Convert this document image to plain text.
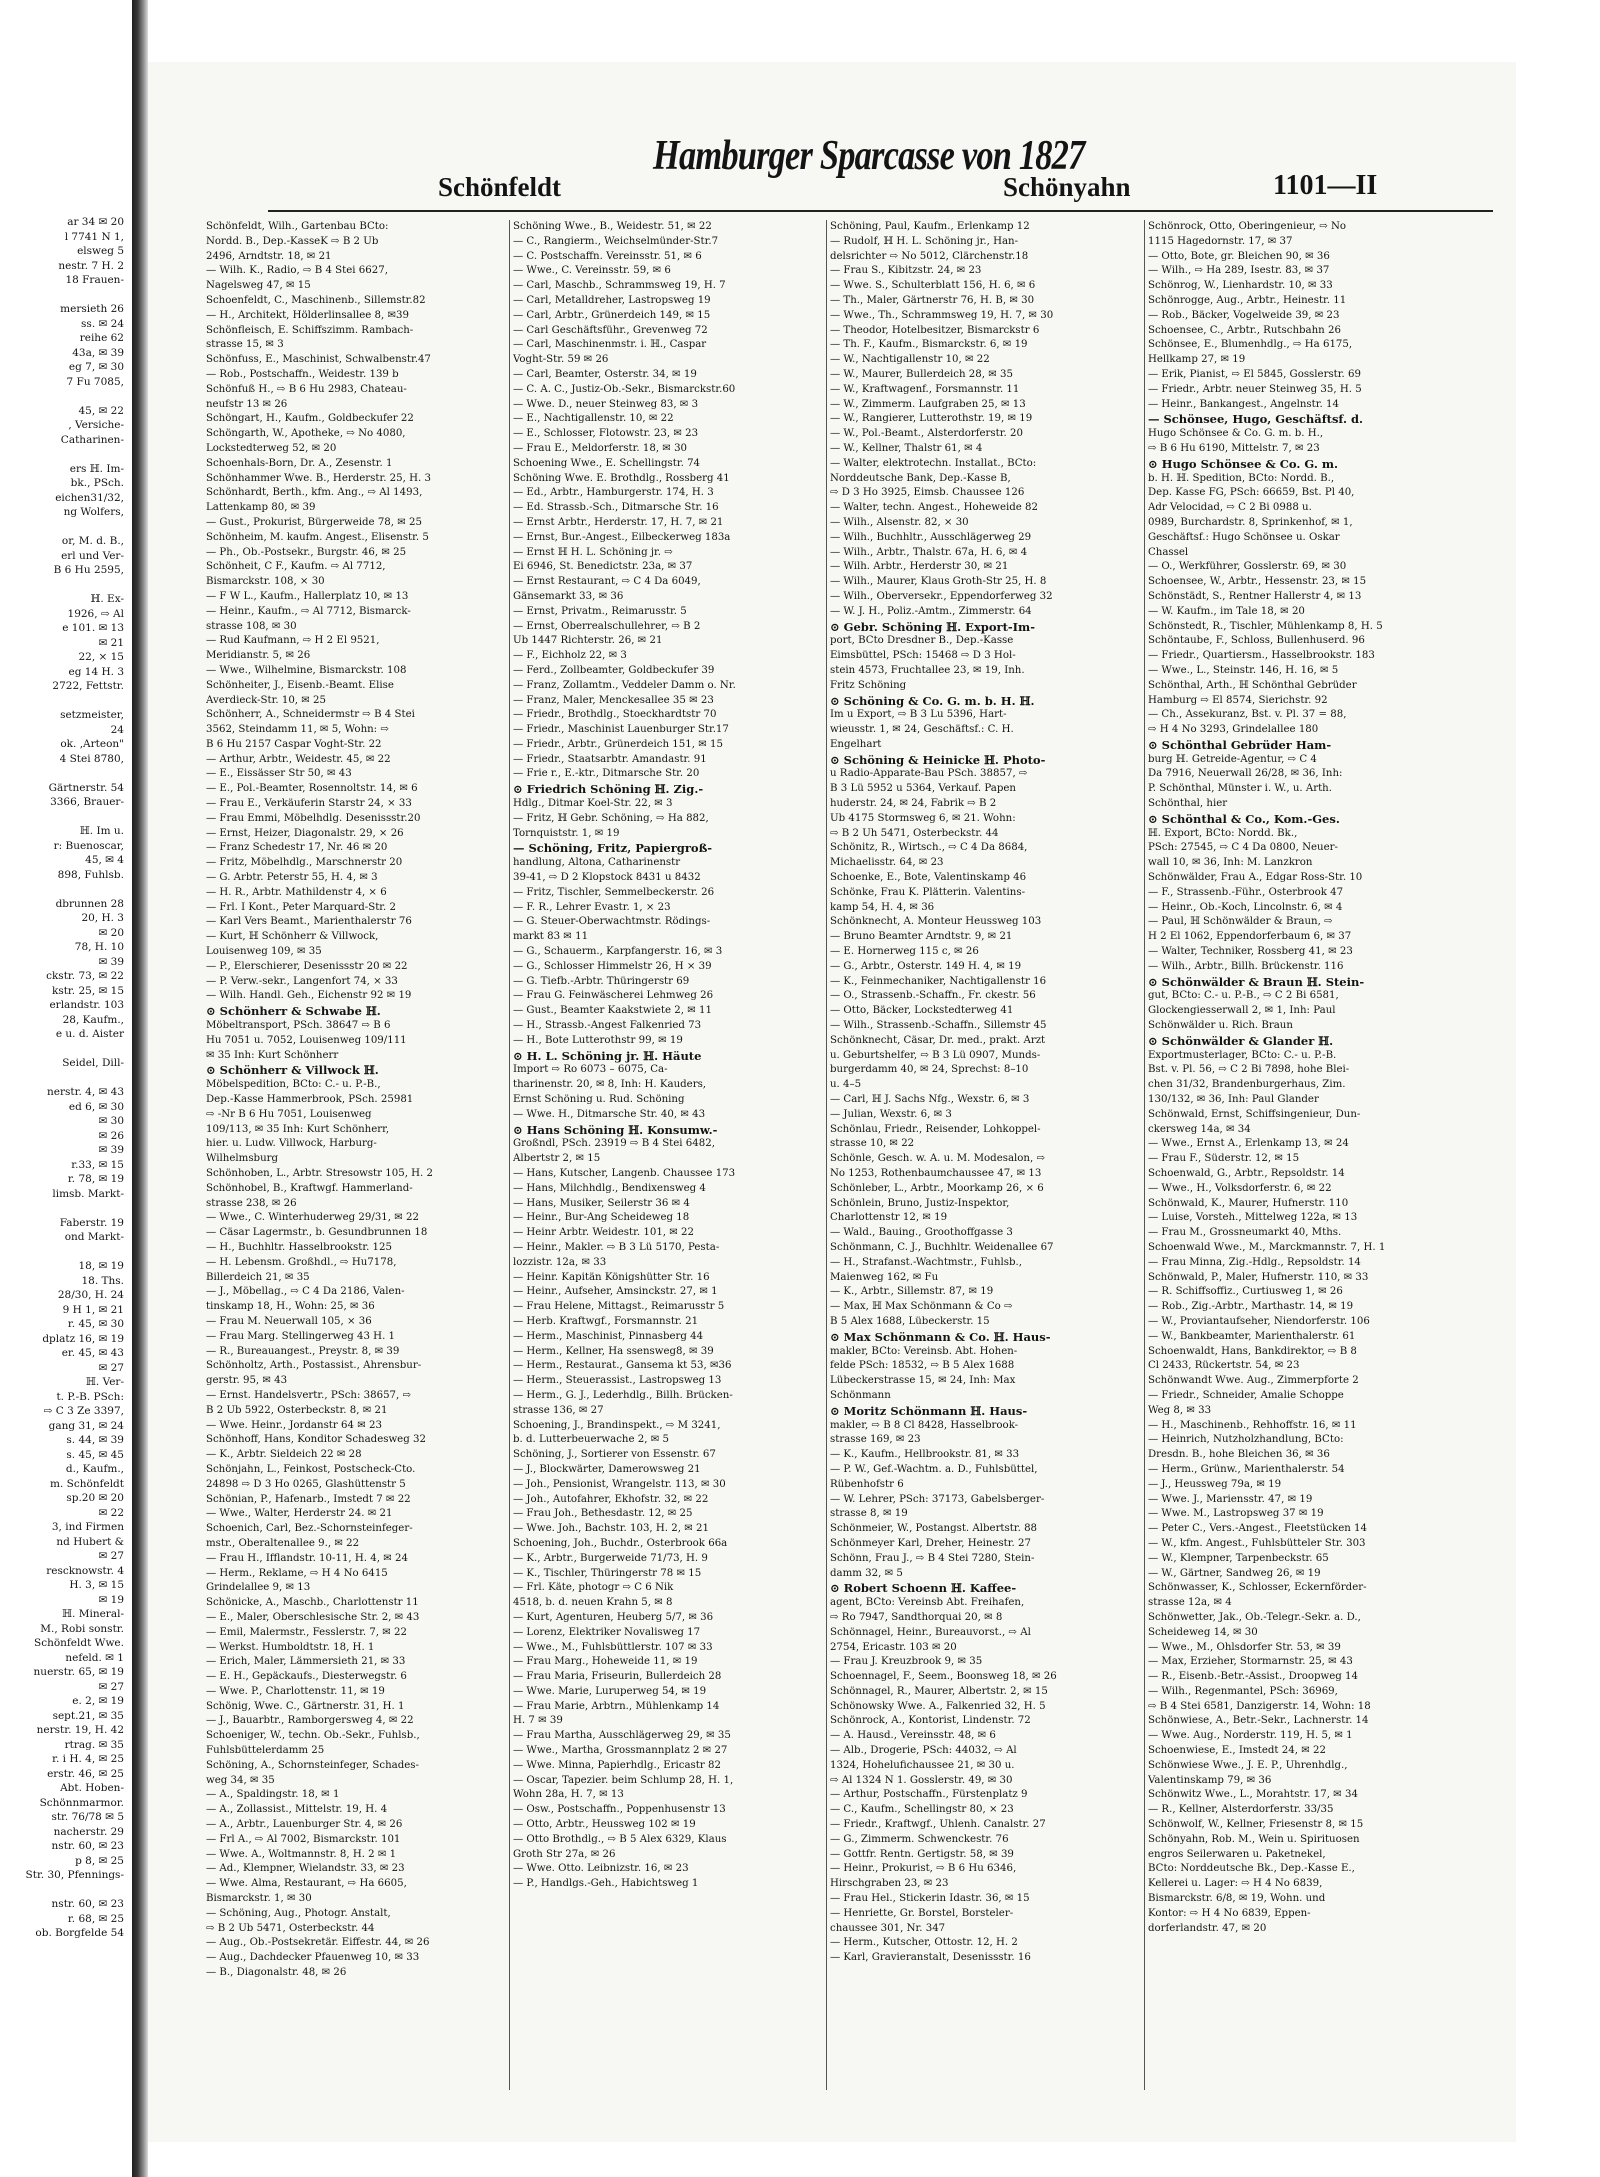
ar 34 ✉ 20
l 7741 N 1,
elsweg 5
nestr. 7 H. 2
18 Frauen-

mersieth 26
ss. ✉ 24
reihe 62
43a, ✉ 39
eg 7, ✉ 30
7 Fu 7085,

45, ✉ 22
, Versiche-
Catharinen-

ers ℍ. Im-
bk., PSch.
eichen31/32,
ng Wolfers,

or, M. d. B.,
erl und Ver-
B 6 Hu 2595,

ℍ. Ex-
1926, ⇨ Al
e 101. ✉ 13
✉ 21
22, ⨯ 15
eg 14 H. 3
2722, Fettstr.

setzmeister,
24
ok. ,Arteon"
4 Stei 8780,

Gärtnerstr. 54
3366, Brauer-

ℍ. Im u.
r: Buenoscar,
45, ✉ 4
898, Fuhlsb.

dbrunnen 28
20, H. 3
✉ 20
78, H. 10
✉ 39
ckstr. 73, ✉ 22
kstr. 25, ✉ 15
erlandstr. 103
28, Kaufm.,
e u. d. Aister

Seidel, Dill-

nerstr. 4, ✉ 43
ed 6, ✉ 30
✉ 30
✉ 26
✉ 39
r.33, ✉ 15
r. 78, ✉ 19
limsb. Markt-

Faberstr. 19
ond Markt-

18, ✉ 19
18. Ths.
28/30, H. 24
9 H 1, ✉ 21
r. 45, ✉ 30
dplatz 16, ✉ 19
er. 45, ✉ 43
✉ 27
ℍ. Ver-
t. P.-B. PSch:
⇨ C 3 Ze 3397,
gang 31, ✉ 24
s. 44, ✉ 39
s. 45, ✉ 45
d., Kaufm.,
m. Schönfeldt
sp.20 ✉ 20
✉ 22
3, ind Firmen
nd Hubert &
✉ 27
rescknowstr. 4
H. 3, ✉ 15
✉ 19
ℍ. Mineral-
M., Robi sonstr.
Schönfeldt Wwe.
nefeld. ✉ 1
nuerstr. 65, ✉ 19
✉ 27
e. 2, ✉ 19
sept.21, ✉ 35
nerstr. 19, H. 42
rtrag. ✉ 35
r. i H. 4, ✉ 25
erstr. 46, ✉ 25
Abt. Hoben-
Schönnmarmor.
str. 76/78 ✉ 5
nacherstr. 29
nstr. 60, ✉ 23
p 8, ✉ 25
Str. 30, Pfennings-

nstr. 60, ✉ 23
r. 68, ✉ 25
ob. Borgfelde 54
Schönfeldt
Hamburger Sparcasse von 1827
Schönyahn	1101—II
Schönfeldt, Wilh., Gartenbau BCto:
Nordd. B., Dep.-KasseK ⇨ B 2 Ub
2496, Arndtstr. 18, ✉ 21
— Wilh. K., Radio, ⇨ B 4 Stei 6627,
Nagelsweg 47, ✉ 15
Schoenfeldt, C., Maschinenb., Sillemstr.82
— H., Architekt, Hölderlinsallee 8, ✉39
Schönfleisch, E. Schiffszimm. Rambach-
strasse 15, ✉ 3
Schönfuss, E., Maschinist, Schwalbenstr.47
— Rob., Postschaffn., Weidestr. 139 b
Schönfuß H., ⇨ B 6 Hu 2983, Chateau-
neufstr 13 ✉ 26
Schöngart, H., Kaufm., Goldbeckufer 22
Schöngarth, W., Apotheke, ⇨ No 4080,
Lockstedterweg 52, ✉ 20
Schoenhals-Born, Dr. A., Zesenstr. 1
Schönhammer Wwe. B., Herderstr. 25, H. 3
Schönhardt, Berth., kfm. Ang., ⇨ Al 1493,
Lattenkamp 80, ✉ 39
— Gust., Prokurist, Bürgerweide 78, ✉ 25
Schönheim, M. kaufm. Angest., Elisenstr. 5
— Ph., Ob.-Postsekr., Burgstr. 46, ✉ 25
Schönheit, C F., Kaufm. ⇨ Al 7712,
Bismarckstr. 108, ⨯ 30
— F W L., Kaufm., Hallerplatz 10, ✉ 13
— Heinr., Kaufm., ⇨ Al 7712, Bismarck-
strasse 108, ✉ 30
— Rud Kaufmann, ⇨ H 2 El 9521,
Meridianstr. 5, ✉ 26
— Wwe., Wilhelmine, Bismarckstr. 108
Schönheiter, J., Eisenb.-Beamt. Elise
Averdieck-Str. 10, ✉ 25
Schönherr, A., Schneidermstr ⇨ B 4 Stei
3562, Steindamm 11, ✉ 5, Wohn: ⇨
B 6 Hu 2157 Caspar Voght-Str. 22
— Arthur, Arbtr., Weidestr. 45, ✉ 22
— E., Eissässer Str 50, ✉ 43
— E., Pol.-Beamter, Rosennoltstr. 14, ✉ 6
— Frau E., Verkäuferin Starstr 24, ⨯ 33
— Frau Emmi, Möbelhdlg. Desenissstr.20
— Ernst, Heizer, Diagonalstr. 29, ⨯ 26
— Franz Schedestr 17, Nr. 46 ✉ 20
— Fritz, Möbelhdlg., Marschnerstr 20
— G. Arbtr. Peterstr 55, H. 4, ✉ 3
— H. R., Arbtr. Mathildenstr 4, ⨯ 6
— Frl. I Kont., Peter Marquard-Str. 2
— Karl Vers Beamt., Marienthalerstr 76
— Kurt, ℍ Schönherr & Villwock,
Louisenweg 109, ✉ 35
— P., Elerschierer, Desenissstr 20 ✉ 22
— P. Verw.-sekr., Langenfort 74, ⨯ 33
— Wilh. Handl. Geh., Eichenstr 92 ✉ 19
⊙ Schönherr & Schwabe ℍ.
Möbeltransport, PSch. 38647 ⇨ B 6
Hu 7051 u. 7052, Louisenweg 109/111
✉ 35 Inh: Kurt Schönherr
⊙ Schönherr & Villwock ℍ.
Möbelspedition, BCto: C.- u. P.-B.,
Dep.-Kasse Hammerbrook, PSch. 25981
⇨ -Nr B 6 Hu 7051, Louisenweg
109/113, ✉ 35 Inh: Kurt Schönherr,
hier. u. Ludw. Villwock, Harburg-
Wilhelmsburg
Schönhoben, L., Arbtr. Stresowstr 105, H. 2
Schönhobel, B., Kraftwgf. Hammerland-
strasse 238, ✉ 26
— Wwe., C. Winterhuderweg 29/31, ✉ 22
— Cäsar Lagermstr., b. Gesundbrunnen 18
— H., Buchhltr. Hasselbrookstr. 125
— H. Lebensm. Großhdl., ⇨ Hu7178,
Billerdeich 21, ✉ 35
— J., Möbellag., ⇨ C 4 Da 2186, Valen-
tinskamp 18, H., Wohn: 25, ✉ 36
— Frau M. Neuerwall 105, ⨯ 36
— Frau Marg. Stellingerweg 43 H. 1
— R., Bureauangest., Preystr. 8, ✉ 39
Schönholtz, Arth., Postassist., Ahrensbur-
gerstr. 95, ✉ 43
— Ernst. Handelsvertr., PSch: 38657, ⇨
B 2 Ub 5922, Osterbeckstr. 8, ✉ 21
— Wwe. Heinr., Jordanstr 64 ✉ 23
Schönhoff, Hans, Konditor Schadesweg 32
— K., Arbtr. Sieldeich 22 ✉ 28
Schönjahn, L., Feinkost, Postscheck-Cto.
24898 ⇨ D 3 Ho 0265, Glashüttenstr 5
Schönian, P., Hafenarb., Imstedt 7 ✉ 22
— Wwe., Walter, Herderstr 24. ✉ 21
Schoenich, Carl, Bez.-Schornsteinfeger-
mstr., Oberaltenallee 9., ✉ 22
— Frau H., Ifflandstr. 10-11, H. 4, ✉ 24
— Herm., Reklame, ⇨ H 4 No 6415
Grindelallee 9, ✉ 13
Schönicke, A., Maschb., Charlottenstr 11
— E., Maler, Oberschlesische Str. 2, ✉ 43
— Emil, Malermstr., Fesslerstr. 7, ✉ 22
— Werkst. Humboldtstr. 18, H. 1
— Erich, Maler, Lämmersieth 21, ✉ 33
— E. H., Gepäckaufs., Diesterwegstr. 6
— Wwe. P., Charlottenstr. 11, ✉ 19
Schönig, Wwe. C., Gärtnerstr. 31, H. 1
— J., Bauarbtr., Ramborgersweg 4, ✉ 22
Schoeniger, W., techn. Ob.-Sekr., Fuhlsb.,
Fuhlsbüttelerdamm 25
Schöning, A., Schornsteinfeger, Schades-
weg 34, ✉ 35
— A., Spaldingstr. 18, ✉ 1
— A., Zollassist., Mittelstr. 19, H. 4
— A., Arbtr., Lauenburger Str. 4, ✉ 26
— Frl A., ⇨ Al 7002, Bismarckstr. 101
— Wwe. A., Woltmannstr. 8, H. 2 ✉ 1
— Ad., Klempner, Wielandstr. 33, ✉ 23
— Wwe. Alma, Restaurant, ⇨ Ha 6605,
Bismarckstr. 1, ✉ 30
— Schöning, Aug., Photogr. Anstalt,
⇨ B 2 Ub 5471, Osterbeckstr. 44
— Aug., Ob.-Postsekretär. Eiffestr. 44, ✉ 26
— Aug., Dachdecker Pfauenweg 10, ✉ 33
— B., Diagonalstr. 48, ✉ 26
Schöning Wwe., B., Weidestr. 51, ✉ 22
— C., Rangierm., Weichselmünder-Str.7
— C. Postschaffn. Vereinsstr. 51, ✉ 6
— Wwe., C. Vereinsstr. 59, ✉ 6
— Carl, Maschb., Schrammsweg 19, H. 7
— Carl, Metalldreher, Lastropsweg 19
— Carl, Arbtr., Grünerdeich 149, ✉ 15
— Carl Geschäftsführ., Grevenweg 72
— Carl, Maschinenmstr. i. ℍ., Caspar
Voght-Str. 59 ✉ 26
— Carl, Beamter, Osterstr. 34, ✉ 19
— C. A. C., Justiz-Ob.-Sekr., Bismarckstr.60
— Wwe. D., neuer Steinweg 83, ✉ 3
— E., Nachtigallenstr. 10, ✉ 22
— E., Schlosser, Flotowstr. 23, ✉ 23
— Frau E., Meldorferstr. 18, ✉ 30
Schoening Wwe., E. Schellingstr. 74
Schöning Wwe. E. Brothdlg., Rossberg 41
— Ed., Arbtr., Hamburgerstr. 174, H. 3
— Ed. Strassb.-Sch., Ditmarsche Str. 16
— Ernst Arbtr., Herderstr. 17, H. 7, ✉ 21
— Ernst, Bur.-Angest., Eilbeckerweg 183a
— Ernst ℍ H. L. Schöning jr. ⇨
Ei 6946, St. Benedictstr. 23a, ✉ 37
— Ernst Restaurant, ⇨ C 4 Da 6049,
Gänsemarkt 33, ✉ 36
— Ernst, Privatm., Reimarusstr. 5
— Ernst, Oberrealschullehrer, ⇨ B 2
Ub 1447 Richterstr. 26, ✉ 21
— F., Eichholz 22, ✉ 3
— Ferd., Zollbeamter, Goldbeckufer 39
— Franz, Zollamtm., Veddeler Damm o. Nr.
— Franz, Maler, Menckesallee 35 ✉ 23
— Friedr., Brothdlg., Stoeckhardtstr 70
— Friedr., Maschinist Lauenburger Str.17
— Friedr., Arbtr., Grünerdeich 151, ✉ 15
— Friedr., Staatsarbtr. Amandastr. 91
— Frie r., E.-ktr., Ditmarsche Str. 20
⊙ Friedrich Schöning ℍ. Zig.-
Hdlg., Ditmar Koel-Str. 22, ✉ 3
— Fritz, ℍ Gebr. Schöning, ⇨ Ha 882,
Tornquiststr. 1, ✉ 19
— Schöning, Fritz, Papiergroß-
handlung, Altona, Catharinenstr
39-41, ⇨ D 2 Klopstock 8431 u 8432
— Fritz, Tischler, Semmelbeckerstr. 26
— F. R., Lehrer Evastr. 1, ⨯ 23
— G. Steuer-Oberwachtmstr. Rödings-
markt 83 ✉ 11
— G., Schauerm., Karpfangerstr. 16, ✉ 3
— G., Schlosser Himmelstr 26, H ⨯ 39
— G. Tiefb.-Arbtr. Thüringerstr 69
— Frau G. Feinwäscherei Lehmweg 26
— Gust., Beamter Kaakstwiete 2, ✉ 11
— H., Strassb.-Angest Falkenried 73
— H., Bote Lutterothstr 99, ✉ 19
⊙ H. L. Schöning jr. ℍ. Häute
Import ⇨ Ro 6073 – 6075, Ca-
tharinenstr. 20, ✉ 8, Inh: H. Kauders,
Ernst Schöning u. Rud. Schöning
— Wwe. H., Ditmarsche Str. 40, ✉ 43
⊙ Hans Schöning ℍ. Konsumw.-
Großndl, PSch. 23919 ⇨ B 4 Stei 6482,
Albertstr 2, ✉ 15
— Hans, Kutscher, Langenb. Chaussee 173
— Hans, Milchhdlg., Bendixensweg 4
— Hans, Musiker, Seilerstr 36 ✉ 4
— Heinr., Bur-Ang Scheideweg 18
— Heinr Arbtr. Weidestr. 101, ✉ 22
— Heinr., Makler. ⇨ B 3 Lü 5170, Pesta-
lozzistr. 12a, ✉ 33
— Heinr. Kapitän Königshütter Str. 16
— Heinr., Aufseher, Amsinckstr. 27, ✉ 1
— Frau Helene, Mittagst., Reimarusstr 5
— Herb. Kraftwgf., Forsmannstr. 21
— Herm., Maschinist, Pinnasberg 44
— Herm., Kellner, Ha ssensweg8, ✉ 39
— Herm., Restaurat., Gansema kt 53, ✉36
— Herm., Steuerassist., Lastropsweg 13
— Herm., G. J., Lederhdlg., Billh. Brücken-
strasse 136, ✉ 27
Schoening, J., Brandinspekt., ⇨ M 3241,
b. d. Lutterbeuerwache 2, ✉ 5
Schöning, J., Sortierer von Essenstr. 67
— J., Blockwärter, Damerowsweg 21
— Joh., Pensionist, Wrangelstr. 113, ✉ 30
— Joh., Autofahrer, Ekhofstr. 32, ✉ 22
— Frau Joh., Bethesdastr. 12, ✉ 25
— Wwe. Joh., Bachstr. 103, H. 2, ✉ 21
Schoening, Joh., Buchdr., Osterbrook 66a
— K., Arbtr., Burgerweide 71/73, H. 9
— K., Tischler, Thüringerstr 78 ✉ 15
— Frl. Käte, photogr ⇨ C 6 Nik
4518, b. d. neuen Krahn 5, ✉ 8
— Kurt, Agenturen, Heuberg 5/7, ✉ 36
— Lorenz, Elektriker Novalisweg 17
— Wwe., M., Fuhlsbüttlerstr. 107 ✉ 33
— Frau Marg., Hoheweide 11, ✉ 19
— Frau Maria, Friseurin, Bullerdeich 28
— Wwe. Marie, Luruperweg 54, ✉ 19
— Frau Marie, Arbtrn., Mühlenkamp 14
H. 7 ✉ 39
— Frau Martha, Ausschlägerweg 29, ✉ 35
— Wwe., Martha, Grossmannplatz 2 ✉ 27
— Wwe. Minna, Papierhdlg., Ericastr 82
— Oscar, Tapezier. beim Schlump 28, H. 1,
Wohn 28a, H. 7, ✉ 13
— Osw., Postschaffn., Poppenhusenstr 13
— Otto, Arbtr., Heussweg 102 ✉ 19
— Otto Brothdlg., ⇨ B 5 Alex 6329, Klaus
Groth Str 27a, ✉ 26
— Wwe. Otto. Leibnizstr. 16, ✉ 23
— P., Handlgs.-Geh., Habichtsweg 1
Schöning, Paul, Kaufm., Erlenkamp 12
— Rudolf, ℍ H. L. Schöning jr., Han-
delsrichter ⇨ No 5012, Clärchenstr.18
— Frau S., Kibitzstr. 24, ✉ 23
— Wwe. S., Schulterblatt 156, H. 6, ✉ 6
— Th., Maler, Gärtnerstr 76, H. B, ✉ 30
— Wwe., Th., Schrammsweg 19, H. 7, ✉ 30
— Theodor, Hotelbesitzer, Bismarckstr 6
— Th. F., Kaufm., Bismarckstr. 6, ✉ 19
— W., Nachtigallenstr 10, ✉ 22
— W., Maurer, Bullerdeich 28, ✉ 35
— W., Kraftwagenf., Forsmannstr. 11
— W., Zimmerm. Laufgraben 25, ✉ 13
— W., Rangierer, Lutterothstr. 19, ✉ 19
— W., Pol.-Beamt., Alsterdorferstr. 20
— W., Kellner, Thalstr 61, ✉ 4
— Walter, elektrotechn. Installat., BCto:
Norddeutsche Bank, Dep.-Kasse B,
⇨ D 3 Ho 3925, Eimsb. Chaussee 126
— Walter, techn. Angest., Hoheweide 82
— Wilh., Alsenstr. 82, ⨯ 30
— Wilh., Buchhltr., Ausschlägerweg 29
— Wilh., Arbtr., Thalstr. 67a, H. 6, ✉ 4
— Wilh. Arbtr., Herderstr 30, ✉ 21
— Wilh., Maurer, Klaus Groth-Str 25, H. 8
— Wilh., Oberversekr., Eppendorferweg 32
— W. J. H., Poliz.-Amtm., Zimmerstr. 64
⊙ Gebr. Schöning ℍ. Export-Im-
port, BCto Dresdner B., Dep.-Kasse
Eimsbüttel, PSch: 15468 ⇨ D 3 Hol-
stein 4573, Fruchtallee 23, ✉ 19, Inh.
Fritz Schöning
⊙ Schöning & Co. G. m. b. H. ℍ.
Im u Export, ⇨ B 3 Lu 5396, Hart-
wieusstr. 1, ✉ 24, Geschäftsf.: C. H.
Engelhart
⊙ Schöning & Heinicke ℍ. Photo-
u Radio-Apparate-Bau PSch. 38857, ⇨
B 3 Lü 5952 u 5364, Verkauf. Papen
huderstr. 24, ✉ 24, Fabrik ⇨ B 2
Ub 4175 Stormsweg 6, ✉ 21. Wohn:
⇨ B 2 Uh 5471, Osterbeckstr. 44
Schönitz, R., Wirtsch., ⇨ C 4 Da 8684,
Michaelisstr. 64, ✉ 23
Schoenke, E., Bote, Valentinskamp 46
Schönke, Frau K. Plätterin. Valentins-
kamp 54, H. 4, ✉ 36
Schönknecht, A. Monteur Heussweg 103
— Bruno Beamter Arndtstr. 9, ✉ 21
— E. Hornerweg 115 c, ✉ 26
— G., Arbtr., Osterstr. 149 H. 4, ✉ 19
— K., Feinmechaniker, Nachtigallenstr 16
— O., Strassenb.-Schaffn., Fr. ckestr. 56
— Otto, Bäcker, Lockstedterweg 41
— Wilh., Strassenb.-Schaffn., Sillemstr 45
Schönknecht, Cäsar, Dr. med., prakt. Arzt
u. Geburtshelfer, ⇨ B 3 Lü 0907, Munds-
burgerdamm 40, ✉ 24, Sprechst: 8–10
u. 4–5
— Carl, ℍ J. Sachs Nfg., Wexstr. 6, ✉ 3
— Julian, Wexstr. 6, ✉ 3
Schönlau, Friedr., Reisender, Lohkoppel-
strasse 10, ✉ 22
Schönle, Gesch. w. A. u. M. Modesalon, ⇨
No 1253, Rothenbaumchaussee 47, ✉ 13
Schönleber, L., Arbtr., Moorkamp 26, ⨯ 6
Schönlein, Bruno, Justiz-Inspektor,
Charlottenstr 12, ✉ 19
— Wald., Bauing., Groothoffgasse 3
Schönmann, C. J., Buchhltr. Weidenallee 67
— H., Strafanst.-Wachtmstr., Fuhlsb.,
Maienweg 162, ✉ Fu
— K., Arbtr., Sillemstr. 87, ✉ 19
— Max, ℍ Max Schönmann & Co ⇨
B 5 Alex 1688, Lübeckerstr. 15
⊙ Max Schönmann & Co. ℍ. Haus-
makler, BCto: Vereinsb. Abt. Hohen-
felde PSch: 18532, ⇨ B 5 Alex 1688
Lübeckerstrasse 15, ✉ 24, Inh: Max
Schönmann
⊙ Moritz Schönmann ℍ. Haus-
makler, ⇨ B 8 Cl 8428, Hasselbrook-
strasse 169, ✉ 23
— K., Kaufm., Hellbrookstr. 81, ✉ 33
— P. W., Gef.-Wachtm. a. D., Fuhlsbüttel,
Rübenhofstr 6
— W. Lehrer, PSch: 37173, Gabelsberger-
strasse 8, ✉ 19
Schönmeier, W., Postangst. Albertstr. 88
Schönmeyer Karl, Dreher, Heinestr. 27
Schönn, Frau J., ⇨ B 4 Stei 7280, Stein-
damm 32, ✉ 5
⊙ Robert Schoenn ℍ. Kaffee-
agent, BCto: Vereinsb Abt. Freihafen,
⇨ Ro 7947, Sandthorquai 20, ✉ 8
Schönnagel, Heinr., Bureauvorst., ⇨ Al
2754, Ericastr. 103 ✉ 20
— Frau J. Kreuzbrook 9, ✉ 35
Schoennagel, F., Seem., Boonsweg 18, ✉ 26
Schönnagel, R., Maurer, Albertstr. 2, ✉ 15
Schönowsky Wwe. A., Falkenried 32, H. 5
Schönrock, A., Kontorist, Lindenstr. 72
— A. Hausd., Vereinsstr. 48, ✉ 6
— Alb., Drogerie, PSch: 44032, ⇨ Al
1324, Hohelufichaussee 21, ✉ 30 u.
⇨ Al 1324 N 1. Gosslerstr. 49, ✉ 30
— Arthur, Postschaffn., Fürstenplatz 9
— C., Kaufm., Schellingstr 80, ⨯ 23
— Friedr., Kraftwgf., Uhlenh. Canalstr. 27
— G., Zimmerm. Schwenckestr. 76
— Gottfr. Rentn. Gertigstr. 58, ✉ 39
— Heinr., Prokurist, ⇨ B 6 Hu 6346,
Hirschgraben 23, ✉ 23
— Frau Hel., Stickerin Idastr. 36, ✉ 15
— Henriette, Gr. Borstel, Borsteler-
chaussee 301, Nr. 347
— Herm., Kutscher, Ottostr. 12, H. 2
— Karl, Gravieranstalt, Desenissstr. 16
Schönrock, Otto, Oberingenieur, ⇨ No
1115 Hagedornstr. 17, ✉ 37
— Otto, Bote, gr. Bleichen 90, ✉ 36
— Wilh., ⇨ Ha 289, Isestr. 83, ✉ 37
Schönrog, W., Lienhardstr. 10, ✉ 33
Schönrogge, Aug., Arbtr., Heinestr. 11
— Rob., Bäcker, Vogelweide 39, ✉ 23
Schoensee, C., Arbtr., Rutschbahn 26
Schönsee, E., Blumenhdlg., ⇨ Ha 6175,
Hellkamp 27, ✉ 19
— Erik, Pianist, ⇨ El 5845, Gosslerstr. 69
— Friedr., Arbtr. neuer Steinweg 35, H. 5
— Heinr., Bankangest., Angelnstr. 14
— Schönsee, Hugo, Geschäftsf. d.
Hugo Schönsee & Co. G. m. b. H.,
⇨ B 6 Hu 6190, Mittelstr. 7, ✉ 23
⊙ Hugo Schönsee & Co. G. m.
b. H. ℍ. Spedition, BCto: Nordd. B.,
Dep. Kasse FG, PSch: 66659, Bst. Pl 40,
Adr Velocidad, ⇨ C 2 Bi 0988 u.
0989, Burchardstr. 8, Sprinkenhof, ✉ 1,
Geschäftsf.: Hugo Schönsee u. Oskar
Chassel
— O., Werkführer, Gosslerstr. 69, ✉ 30
Schoensee, W., Arbtr., Hessenstr. 23, ✉ 15
Schönstädt, S., Rentner Hallerstr 4, ✉ 13
— W. Kaufm., im Tale 18, ✉ 20
Schönstedt, R., Tischler, Mühlenkamp 8, H. 5
Schöntaube, F., Schloss, Bullenhuserd. 96
— Friedr., Quartiersm., Hasselbrookstr. 183
— Wwe., L., Steinstr. 146, H. 16, ✉ 5
Schönthal, Arth., ℍ Schönthal Gebrüder
Hamburg ⇨ El 8574, Sierichstr. 92
— Ch., Assekuranz, Bst. v. Pl. 37 = 88,
⇨ H 4 No 3293, Grindelallee 180
⊙ Schönthal Gebrüder Ham-
burg ℍ. Getreide-Agentur, ⇨ C 4
Da 7916, Neuerwall 26/28, ✉ 36, Inh:
P. Schönthal, Münster i. W., u. Arth.
Schönthal, hier
⊙ Schönthal & Co., Kom.-Ges.
ℍ. Export, BCto: Nordd. Bk.,
PSch: 27545, ⇨ C 4 Da 0800, Neuer-
wall 10, ✉ 36, Inh: M. Lanzkron
Schönwälder, Frau A., Edgar Ross-Str. 10
— F., Strassenb.-Führ., Osterbrook 47
— Heinr., Ob.-Koch, Lincolnstr. 6, ✉ 4
— Paul, ℍ Schönwälder & Braun, ⇨
H 2 El 1062, Eppendorferbaum 6, ✉ 37
— Walter, Techniker, Rossberg 41, ✉ 23
— Wilh., Arbtr., Billh. Brückenstr. 116
⊙ Schönwälder & Braun ℍ. Stein-
gut, BCto: C.- u. P.-B., ⇨ C 2 Bi 6581,
Glockengiesserwall 2, ✉ 1, Inh: Paul
Schönwälder u. Rich. Braun
⊙ Schönwälder & Glander ℍ.
Exportmusterlager, BCto: C.- u. P.-B.
Bst. v. Pl. 56, ⇨ C 2 Bi 7898, hohe Blei-
chen 31/32, Brandenburgerhaus, Zim.
130/132, ✉ 36, Inh: Paul Glander
Schönwald, Ernst, Schiffsingenieur, Dun-
ckersweg 14a, ✉ 34
— Wwe., Ernst A., Erlenkamp 13, ✉ 24
— Frau F., Süderstr. 12, ✉ 15
Schoenwald, G., Arbtr., Repsoldstr. 14
— Wwe., H., Volksdorferstr. 6, ✉ 22
Schönwald, K., Maurer, Hufnerstr. 110
— Luise, Vorsteh., Mittelweg 122a, ✉ 13
— Frau M., Grossneumarkt 40, Mths.
Schoenwald Wwe., M., Marckmannstr. 7, H. 1
— Frau Minna, Zig.-Hdlg., Repsoldstr. 14
Schönwald, P., Maler, Hufnerstr. 110, ✉ 33
— R. Schiffsoffiz., Curtiusweg 1, ✉ 26
— Rob., Zig.-Arbtr., Marthastr. 14, ✉ 19
— W., Proviantaufseher, Niendorferstr. 106
— W., Bankbeamter, Marienthalerstr. 61
Schoenwaldt, Hans, Bankdirektor, ⇨ B 8
Cl 2433, Rückertstr. 54, ✉ 23
Schönwandt Wwe. Aug., Zimmerpforte 2
— Friedr., Schneider, Amalie Schoppe
Weg 8, ✉ 33
— H., Maschinenb., Rehhoffstr. 16, ✉ 11
— Heinrich, Nutzholzhandlung, BCto:
Dresdn. B., hohe Bleichen 36, ✉ 36
— Herm., Grünw., Marienthalerstr. 54
— J., Heussweg 79a, ✉ 19
— Wwe. J., Mariensstr. 47, ✉ 19
— Wwe. M., Lastropsweg 37 ✉ 19
— Peter C., Vers.-Angest., Fleetstücken 14
— W., kfm. Angest., Fuhlsbütteler Str. 303
— W., Klempner, Tarpenbeckstr. 65
— W., Gärtner, Sandweg 26, ✉ 19
Schönwasser, K., Schlosser, Eckernförder-
strasse 12a, ✉ 4
Schönwetter, Jak., Ob.-Telegr.-Sekr. a. D.,
Scheideweg 14, ✉ 30
— Wwe., M., Ohlsdorfer Str. 53, ✉ 39
— Max, Erzieher, Stormarnstr. 25, ✉ 43
— R., Eisenb.-Betr.-Assist., Droopweg 14
— Wilh., Regenmantel, PSch: 36969,
⇨ B 4 Stei 6581, Danzigerstr. 14, Wohn: 18
Schönwiese, A., Betr.-Sekr., Lachnerstr. 14
— Wwe. Aug., Norderstr. 119, H. 5, ✉ 1
Schoenwiese, E., Imstedt 24, ✉ 22
Schönwiese Wwe., J. E. P., Uhrenhdlg.,
Valentinskamp 79, ✉ 36
Schönwitz Wwe., L., Morahtstr. 17, ✉ 34
— R., Kellner, Alsterdorferstr. 33/35
Schönwolf, W., Kellner, Friesenstr 8, ✉ 15
Schönyahn, Rob. M., Wein u. Spirituosen
engros Seilerwaren u. Paketnekel,
BCto: Norddeutsche Bk., Dep.-Kasse E.,
Kellerei u. Lager: ⇨ H 4 No 6839,
Bismarckstr. 6/8, ✉ 19, Wohn. und
Kontor: ⇨ H 4 No 6839, Eppen-
dorferlandstr. 47, ✉ 20
